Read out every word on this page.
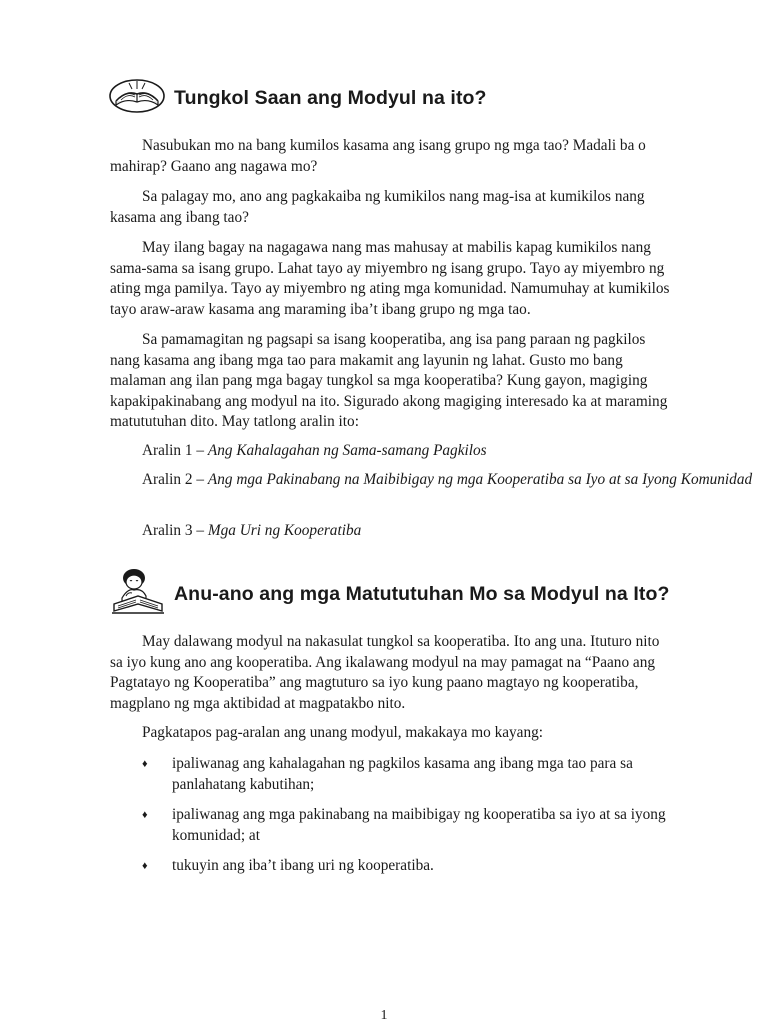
Tungkol Saan ang Modyul na ito?

Nasubukan mo na bang kumilos kasama ang isang grupo ng mga tao? Madali ba o mahirap? Gaano ang nagawa mo?

Sa palagay mo, ano ang pagkakaiba ng kumikilos nang mag-isa at kumikilos nang kasama ang ibang tao?

May ilang bagay na nagagawa nang mas mahusay at mabilis kapag kumikilos nang sama-sama sa isang grupo. Lahat tayo ay miyembro ng isang grupo. Tayo ay miyembro ng ating mga pamilya. Tayo ay miyembro ng ating mga komunidad. Namumuhay at kumikilos tayo araw-araw kasama ang maraming iba’t ibang grupo ng mga tao.

Sa pamamagitan ng pagsapi sa isang kooperatiba, ang isa pang paraan ng pagkilos nang kasama ang ibang mga tao para makamit ang layunin ng lahat. Gusto mo bang malaman ang ilan pang mga bagay tungkol sa mga kooperatiba? Kung gayon, magiging kapakipakinabang ang modyul na ito. Sigurado akong magiging interesado ka at maraming matututuhan dito. May tatlong aralin ito:

Aralin 1 – Ang Kahalagahan ng Sama-samang Pagkilos

Aralin 2 – Ang mga Pakinabang na Maibibigay ng mga Kooperatiba sa Iyo at sa Iyong Komunidad

Aralin 3 – Mga Uri ng Kooperatiba

Anu-ano ang mga Matututuhan Mo sa Modyul na Ito?

May dalawang modyul na nakasulat tungkol sa kooperatiba. Ito ang una. Ituturo nito sa iyo kung ano ang kooperatiba. Ang ikalawang modyul na may pamagat na “Paano ang Pagtatayo ng Kooperatiba” ang magtuturo sa iyo kung paano magtayo ng kooperatiba, magplano ng mga aktibidad at magpatakbo nito.

Pagkatapos pag-aralan ang unang modyul, makakaya mo kayang:

♦ ipaliwanag ang kahalagahan ng pagkilos kasama ang ibang mga tao para sa panlahatang kabutihan;
♦ ipaliwanag ang mga pakinabang na maibibigay ng kooperatiba sa iyo at sa iyong komunidad; at
♦ tukuyin ang iba’t ibang uri ng kooperatiba.
1
